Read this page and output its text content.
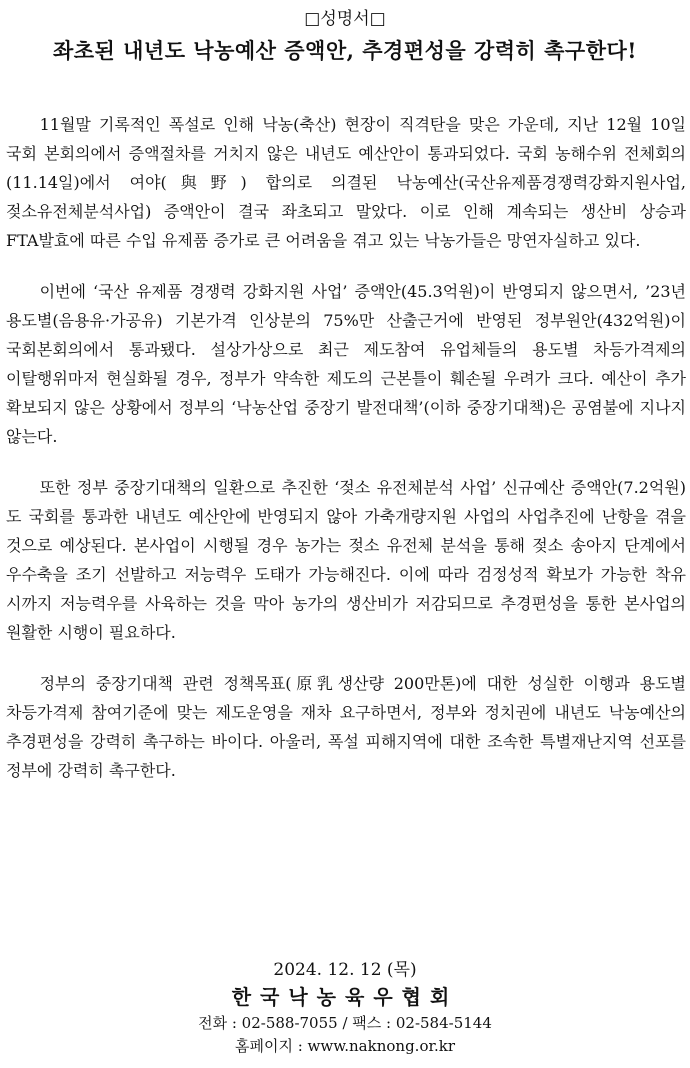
□성명서□
좌초된 내년도 낙농예산 증액안, 추경편성을 강력히 촉구한다!

11월말 기록적인 폭설로 인해 낙농(축산) 현장이 직격탄을 맞은 가운데, 지난 12월 10일 국회 본회의에서 증액절차를 거치지 않은 내년도 예산안이 통과되었다. 국회 농해수위 전체회의(11.14일)에서 여야(與野) 합의로 의결된 낙농예산(국산유제품경쟁력강화지원사업, 젖소유전체분석사업) 증액안이 결국 좌초되고 말았다. 이로 인해 계속되는 생산비 상승과 FTA발효에 따른 수입 유제품 증가로 큰 어려움을 겪고 있는 낙농가들은 망연자실하고 있다.

이번에 ‘국산 유제품 경쟁력 강화지원 사업’ 증액안(45.3억원)이 반영되지 않으면서, ’23년 용도별(음용유·가공유) 기본가격 인상분의 75%만 산출근거에 반영된 정부원안(432억원)이 국회본회의에서 통과됐다. 설상가상으로 최근 제도참여 유업체들의 용도별 차등가격제의 이탈행위마저 현실화될 경우, 정부가 약속한 제도의 근본틀이 훼손될 우려가 크다. 예산이 추가 확보되지 않은 상황에서 정부의 ‘낙농산업 중장기 발전대책’(이하 중장기대책)은 공염불에 지나지 않는다.

또한 정부 중장기대책의 일환으로 추진한 ‘젖소 유전체분석 사업’ 신규예산 증액안(7.2억원)도 국회를 통과한 내년도 예산안에 반영되지 않아 가축개량지원 사업의 사업추진에 난항을 겪을 것으로 예상된다. 본사업이 시행될 경우 농가는 젖소 유전체 분석을 통해 젖소 송아지 단계에서 우수축을 조기 선발하고 저능력우 도태가 가능해진다. 이에 따라 검정성적 확보가 가능한 착유 시까지 저능력우를 사육하는 것을 막아 농가의 생산비가 저감되므로 추경편성을 통한 본사업의 원활한 시행이 필요하다.

정부의 중장기대책 관련 정책목표(原乳생산량 200만톤)에 대한 성실한 이행과 용도별 차등가격제 참여기준에 맞는 제도운영을 재차 요구하면서, 정부와 정치권에 내년도 낙농예산의 추경편성을 강력히 촉구하는 바이다. 아울러, 폭설 피해지역에 대한 조속한 특별재난지역 선포를 정부에 강력히 촉구한다.

2024. 12. 12 (목)
한국낙농육우협회
전화 : 02-588-7055 / 팩스 : 02-584-5144
홈페이지 : www.naknong.or.kr
